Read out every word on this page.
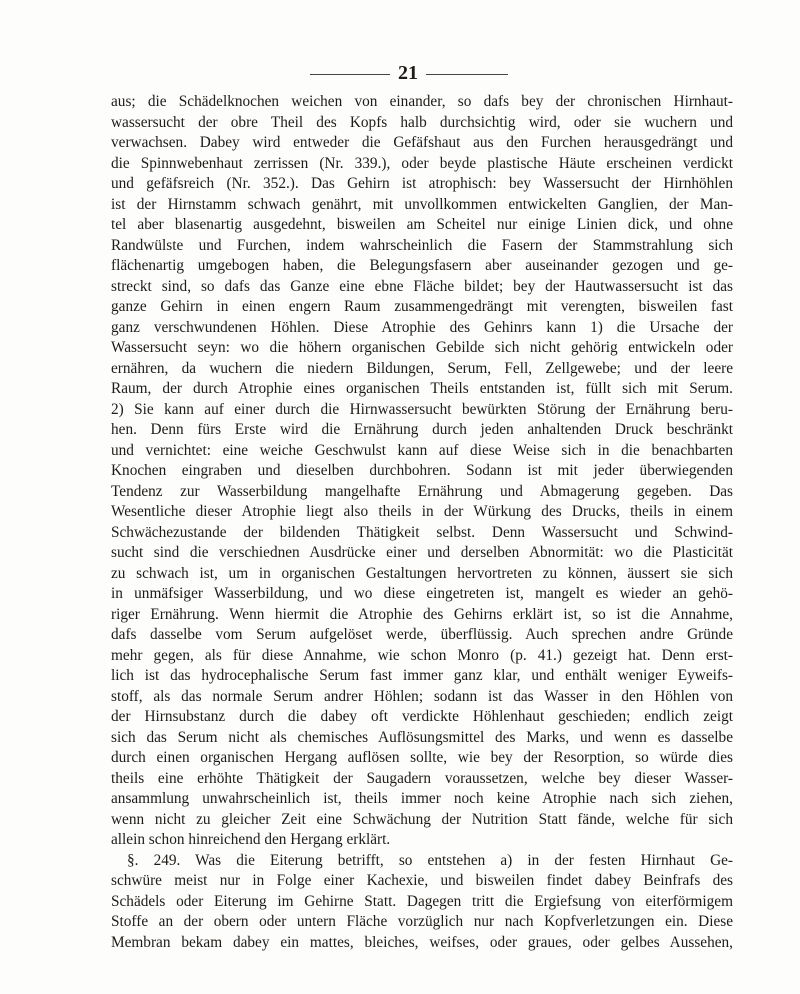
21

aus; die Schädelknochen weichen von einander, so dafs bey der chronischen Hirnhaut-

wassersucht der obre Theil des Kopfs halb durchsichtig wird, oder sie wuchern und

verwachsen. Dabey wird entweder die Gefäfshaut aus den Furchen herausgedrängt und

die Spinnwebenhaut zerrissen (Nr. 339.), oder beyde plastische Häute erscheinen verdickt

und gefäfsreich (Nr. 352.). Das Gehirn ist atrophisch: bey Wassersucht der Hirnhöhlen

ist der Hirnstamm schwach genährt, mit unvollkommen entwickelten Ganglien, der Man-

tel aber blasenartig ausgedehnt, bisweilen am Scheitel nur einige Linien dick, und ohne

Randwülste und Furchen, indem wahrscheinlich die Fasern der Stammstrahlung sich

flächenartig umgebogen haben, die Belegungsfasern aber auseinander gezogen und ge-

streckt sind, so dafs das Ganze eine ebne Fläche bildet; bey der Hautwassersucht ist das

ganze Gehirn in einen engern Raum zusammengedrängt mit verengten, bisweilen fast

ganz verschwundenen Höhlen. Diese Atrophie des Gehinrs kann 1) die Ursache der

Wassersucht seyn: wo die höhern organischen Gebilde sich nicht gehörig entwickeln oder

ernähren, da wuchern die niedern Bildungen, Serum, Fell, Zellgewebe; und der leere

Raum, der durch Atrophie eines organischen Theils entstanden ist, füllt sich mit Serum.

2) Sie kann auf einer durch die Hirnwassersucht bewürkten Störung der Ernährung beru-

hen. Denn fürs Erste wird die Ernährung durch jeden anhaltenden Druck beschränkt

und vernichtet: eine weiche Geschwulst kann auf diese Weise sich in die benachbarten

Knochen eingraben und dieselben durchbohren. Sodann ist mit jeder überwiegenden

Tendenz zur Wasserbildung mangelhafte Ernährung und Abmagerung gegeben. Das

Wesentliche dieser Atrophie liegt also theils in der Würkung des Drucks, theils in einem

Schwächezustande der bildenden Thätigkeit selbst. Denn Wassersucht und Schwind-

sucht sind die verschiednen Ausdrücke einer und derselben Abnormität: wo die Plasticität

zu schwach ist, um in organischen Gestaltungen hervortreten zu können, äussert sie sich

in unmäfsiger Wasserbildung, und wo diese eingetreten ist, mangelt es wieder an gehö-

riger Ernährung. Wenn hiermit die Atrophie des Gehirns erklärt ist, so ist die Annahme,

dafs dasselbe vom Serum aufgelöset werde, überflüssig. Auch sprechen andre Gründe

mehr gegen, als für diese Annahme, wie schon Monro (p. 41.) gezeigt hat. Denn erst-

lich ist das hydrocephalische Serum fast immer ganz klar, und enthält weniger Eyweifs-

stoff, als das normale Serum andrer Höhlen; sodann ist das Wasser in den Höhlen von

der Hirnsubstanz durch die dabey oft verdickte Höhlenhaut geschieden; endlich zeigt

sich das Serum nicht als chemisches Auflösungsmittel des Marks, und wenn es dasselbe

durch einen organischen Hergang auflösen sollte, wie bey der Resorption, so würde dies

theils eine erhöhte Thätigkeit der Saugadern voraussetzen, welche bey dieser Wasser-

ansammlung unwahrscheinlich ist, theils immer noch keine Atrophie nach sich ziehen,

wenn nicht zu gleicher Zeit eine Schwächung der Nutrition Statt fände, welche für sich

allein schon hinreichend den Hergang erklärt.

§. 249. Was die Eiterung betrifft, so entstehen a) in der festen Hirnhaut Ge-

schwüre meist nur in Folge einer Kachexie, und bisweilen findet dabey Beinfrafs des

Schädels oder Eiterung im Gehirne Statt. Dagegen tritt die Ergiefsung von eiterförmigem

Stoffe an der obern oder untern Fläche vorzüglich nur nach Kopfverletzungen ein. Diese

Membran bekam dabey ein mattes, bleiches, weifses, oder graues, oder gelbes Aussehen,
